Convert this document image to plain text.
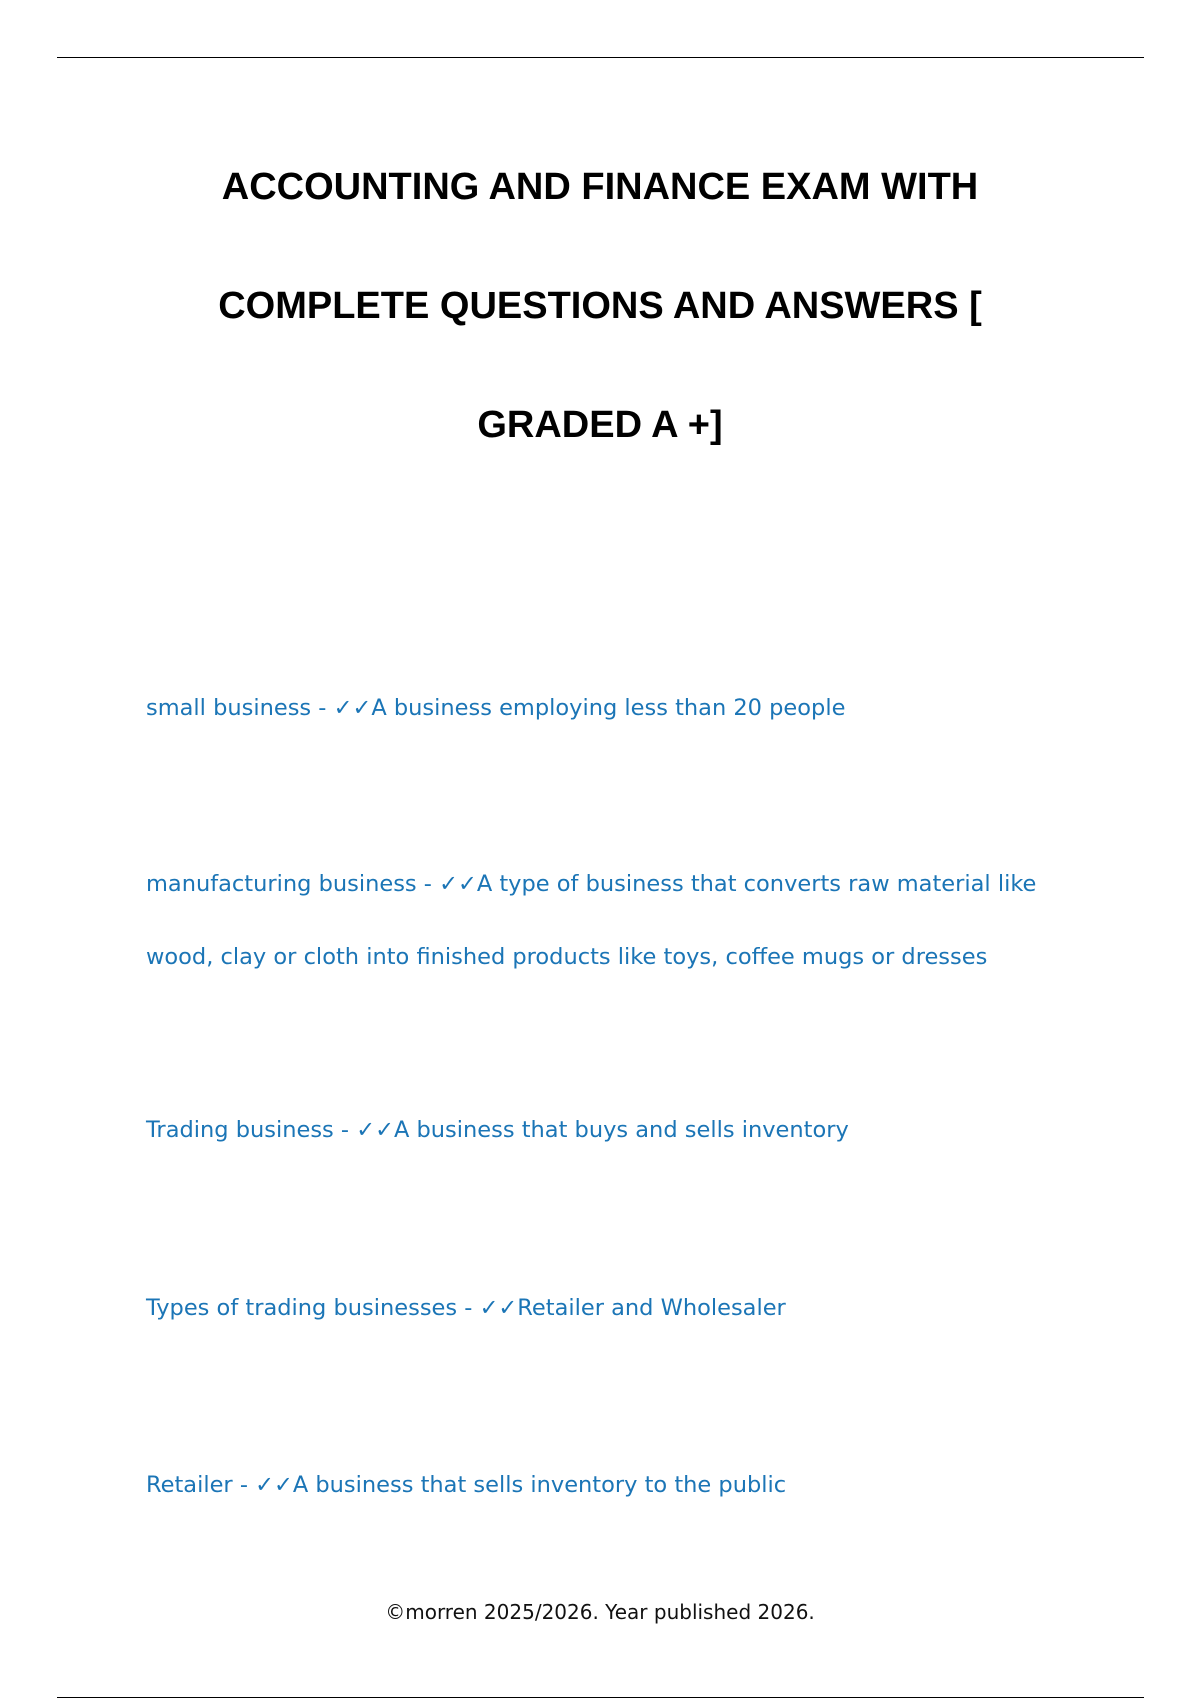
ACCOUNTING AND FINANCE EXAM WITH
COMPLETE QUESTIONS AND ANSWERS [
GRADED A +]
small business - ✓✓A business employing less than 20 people
manufacturing business - ✓✓A type of business that converts raw material like
wood, clay or cloth into finished products like toys, coffee mugs or dresses
Trading business - ✓✓A business that buys and sells inventory
Types of trading businesses - ✓✓Retailer and Wholesaler
Retailer - ✓✓A business that sells inventory to the public
©morren 2025/2026. Year published 2026.
